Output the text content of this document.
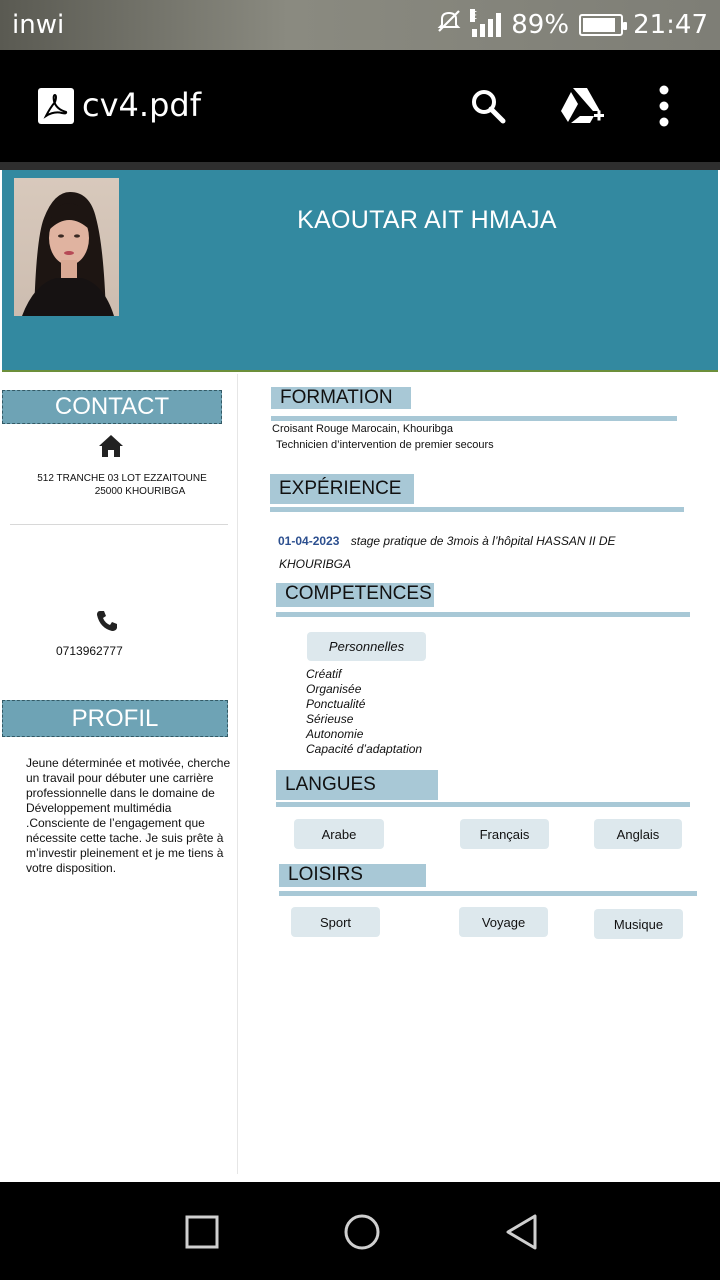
inwi	E 89% 21:47
cv4.pdf
KAOUTAR AIT HMAJA
CONTACT
512 TRANCHE 03 LOT EZZAITOUNE
25000 KHOURIBGA
0713962777
PROFIL
Jeune déterminée et motivée, cherche un travail pour débuter une carrière professionnelle dans le domaine de Développement multimédia .Consciente de l’engagement que nécessite cette tache. Je suis prête à m’investir pleinement et je me tiens à votre disposition.
FORMATION
Croisant Rouge Marocain, Khouribga
Technicien d’intervention de premier secours
EXPÉRIENCE
01-04-2023 stage pratique de 3mois à l’hôpital HASSAN II DE
KHOURIBGA
COMPETENCES
Personnelles
Créatif
Organisée
Ponctualité
Sérieuse
Autonomie
Capacité d’adaptation
LANGUES
Arabe	Français	Anglais
LOISIRS
Sport	Voyage	Musique
